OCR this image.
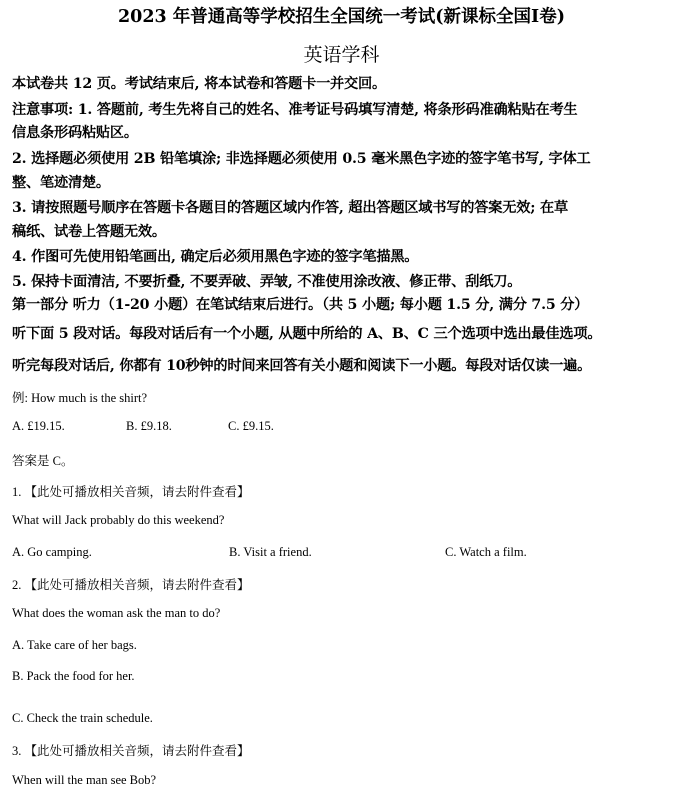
2023 年普通高等学校招生全国统一考试(新课标全国Ⅰ卷)
英语学科
本试卷共 12 页。考试结束后, 将本试卷和答题卡一并交回。
注意事项: 1. 答题前, 考生先将自己的姓名、准考证号码填写清楚, 将条形码准确粘贴在考生
信息条形码粘贴区。
2. 选择题必须使用 2B 铅笔填涂; 非选择题必须使用 0.5 毫米黑色字迹的签字笔书写, 字体工
整、笔迹清楚。
3. 请按照题号顺序在答题卡各题目的答题区域内作答, 超出答题区域书写的答案无效; 在草
稿纸、试卷上答题无效。
4. 作图可先使用铅笔画出, 确定后必须用黑色字迹的签字笔描黑。
5. 保持卡面清洁, 不要折叠, 不要弄破、弄皱, 不准使用涂改液、修正带、刮纸刀。
第一部分 听力（1-20 小题）在笔试结束后进行。（共 5 小题; 每小题 1.5 分, 满分 7.5 分）
听下面 5 段对话。每段对话后有一个小题, 从题中所给的 A、B、C 三个选项中选出最佳选项。
听完每段对话后, 你都有 10秒钟的时间来回答有关小题和阅读下一小题。每段对话仅读一遍。
例: How much is the shirt?
A. £19.15.	B. £9.18.	C. £9.15.
答案是 C。
1. 【此处可播放相关音频，请去附件查看】
What will Jack probably do this weekend?
A. Go camping.	B. Visit a friend.	C. Watch a film.
2. 【此处可播放相关音频，请去附件查看】
What does the woman ask the man to do?
A. Take care of her bags.
B. Pack the food for her.
C. Check the train schedule.
3. 【此处可播放相关音频，请去附件查看】
When will the man see Bob?
